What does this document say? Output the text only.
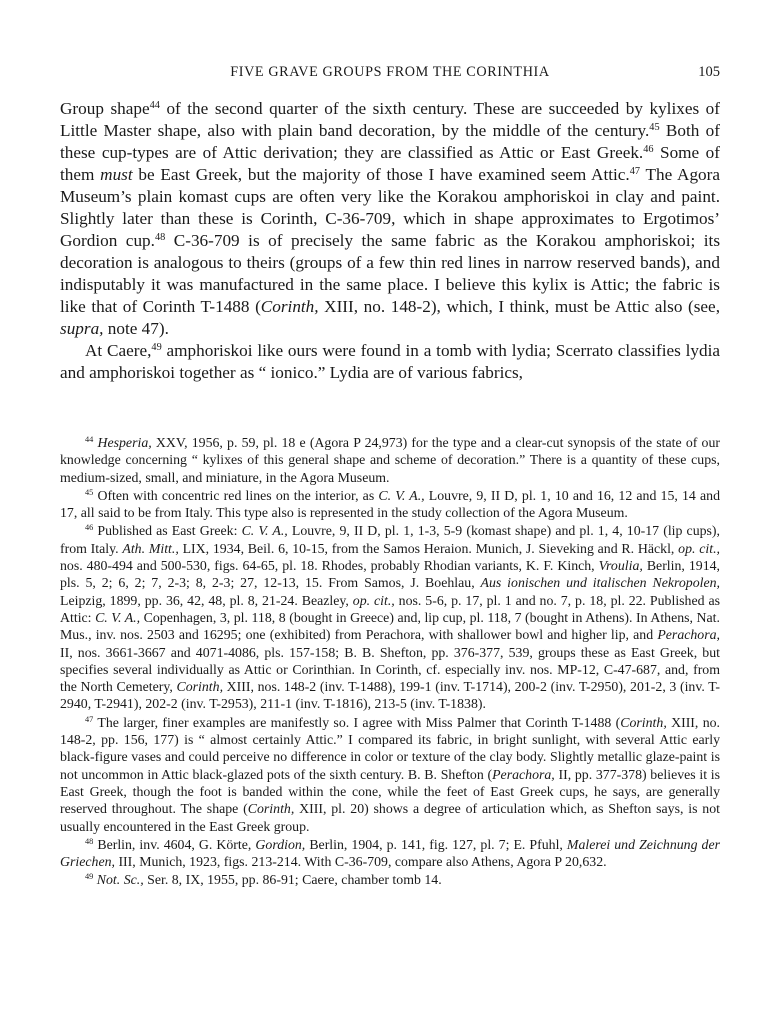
FIVE GRAVE GROUPS FROM THE CORINTHIA	105

Group shape$^{44}$ of the second quarter of the sixth century. These are succeeded by kylixes of Little Master shape, also with plain band decoration, by the middle of the century.$^{45}$ Both of these cup-types are of Attic derivation; they are classified as Attic or East Greek.$^{46}$ Some of them must be East Greek, but the majority of those I have examined seem Attic.$^{47}$ The Agora Museum’s plain komast cups are often very like the Korakou amphoriskoi in clay and paint. Slightly later than these is Corinth, C-36-709, which in shape approximates to Ergotimos’ Gordion cup.$^{48}$ C-36-709 is of precisely the same fabric as the Korakou amphoriskoi; its decoration is analogous to theirs (groups of a few thin red lines in narrow reserved bands), and indisputably it was manufactured in the same place. I believe this kylix is Attic; the fabric is like that of Corinth T-1488 (Corinth, XIII, no. 148-2), which, I think, must be Attic also (see, supra, note 47).

At Caere,$^{49}$ amphoriskoi like ours were found in a tomb with lydia; Scerrato classifies lydia and amphoriskoi together as “ ionico.” Lydia are of various fabrics,

$^{44}$ Hesperia, XXV, 1956, p. 59, pl. 18 e (Agora P 24,973) for the type and a clear-cut synopsis of the state of our knowledge concerning “ kylixes of this general shape and scheme of decoration.” There is a quantity of these cups, medium-sized, small, and miniature, in the Agora Museum.

$^{45}$ Often with concentric red lines on the interior, as C. V. A., Louvre, 9, II D, pl. 1, 10 and 16, 12 and 15, 14 and 17, all said to be from Italy. This type also is represented in the study collection of the Agora Museum.

$^{46}$ Published as East Greek: C. V. A., Louvre, 9, II D, pl. 1, 1-3, 5-9 (komast shape) and pl. 1, 4, 10-17 (lip cups), from Italy. Ath. Mitt., LIX, 1934, Beil. 6, 10-15, from the Samos Heraion. Munich, J. Sieveking and R. Häckl, op. cit., nos. 480-494 and 500-530, figs. 64-65, pl. 18. Rhodes, probably Rhodian variants, K. F. Kinch, Vroulia, Berlin, 1914, pls. 5, 2; 6, 2; 7, 2-3; 8, 2-3; 27, 12-13, 15. From Samos, J. Boehlau, Aus ionischen und italischen Nekropolen, Leipzig, 1899, pp. 36, 42, 48, pl. 8, 21-24. Beazley, op. cit., nos. 5-6, p. 17, pl. 1 and no. 7, p. 18, pl. 22. Published as Attic: C. V. A., Copenhagen, 3, pl. 118, 8 (bought in Greece) and, lip cup, pl. 118, 7 (bought in Athens). In Athens, Nat. Mus., inv. nos. 2503 and 16295; one (exhibited) from Perachora, with shallower bowl and higher lip, and Perachora, II, nos. 3661-3667 and 4071-4086, pls. 157-158; B. B. Shefton, pp. 376-377, 539, groups these as East Greek, but specifies several individually as Attic or Corinthian. In Corinth, cf. especially inv. nos. MP-12, C-47-687, and, from the North Cemetery, Corinth, XIII, nos. 148-2 (inv. T-1488), 199-1 (inv. T-1714), 200-2 (inv. T-2950), 201-2, 3 (inv. T-2940, T-2941), 202-2 (inv. T-2953), 211-1 (inv. T-1816), 213-5 (inv. T-1838).

$^{47}$ The larger, finer examples are manifestly so. I agree with Miss Palmer that Corinth T-1488 (Corinth, XIII, no. 148-2, pp. 156, 177) is “ almost certainly Attic.” I compared its fabric, in bright sunlight, with several Attic early black-figure vases and could perceive no difference in color or texture of the clay body. Slightly metallic glaze-paint is not uncommon in Attic black-glazed pots of the sixth century. B. B. Shefton (Perachora, II, pp. 377-378) believes it is East Greek, though the foot is banded within the cone, while the feet of East Greek cups, he says, are generally reserved throughout. The shape (Corinth, XIII, pl. 20) shows a degree of articulation which, as Shefton says, is not usually encountered in the East Greek group.

$^{48}$ Berlin, inv. 4604, G. Körte, Gordion, Berlin, 1904, p. 141, fig. 127, pl. 7; E. Pfuhl, Malerei und Zeichnung der Griechen, III, Munich, 1923, figs. 213-214. With C-36-709, compare also Athens, Agora P 20,632.

$^{49}$ Not. Sc., Ser. 8, IX, 1955, pp. 86-91; Caere, chamber tomb 14.
